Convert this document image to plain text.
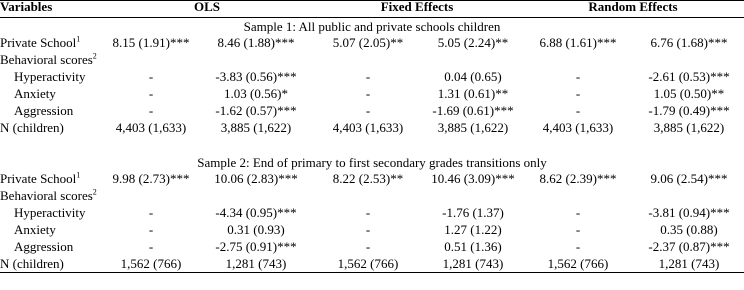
Variables	OLS		Fixed Effects		Random Effects	
Sample 1: All public and private schools children						
Private School$^1$	8.15 (1.91)***	8.46 (1.88)***	5.07 (2.05)**	5.05 (2.24)**	6.88 (1.61)***	6.76 (1.68)***
Behavioral scores$^2$						
Hyperactivity	-	-3.83 (0.56)***	-	0.04 (0.65)	-	-2.61 (0.53)***
Anxiety	-	1.03 (0.56)*	-	1.31 (0.61)**	-	1.05 (0.50)**
Aggression	-	-1.62 (0.57)***	-	-1.69 (0.61)***	-	-1.79 (0.49)***
N (children)	4,403 (1,633)	3,885 (1,622)	4,403 (1,633)	3,885 (1,622)	4,403 (1,633)	3,885 (1,622)

Sample 2: End of primary to first secondary grades transitions only						
Private School$^1$	9.98 (2.73)***	10.06 (2.83)***	8.22 (2.53)**	10.46 (3.09)***	8.62 (2.39)***	9.06 (2.54)***
Behavioral scores$^2$						
Hyperactivity	-	-4.34 (0.95)***	-	-1.76 (1.37)	-	-3.81 (0.94)***
Anxiety	-	0.31 (0.93)	-	1.27 (1.22)	-	0.35 (0.88)
Aggression	-	-2.75 (0.91)***	-	0.51 (1.36)	-	-2.37 (0.87)***
N (children)	1,562 (766)	1,281 (743)	1,562 (766)	1,281 (743)	1,562 (766)	1,281 (743)
